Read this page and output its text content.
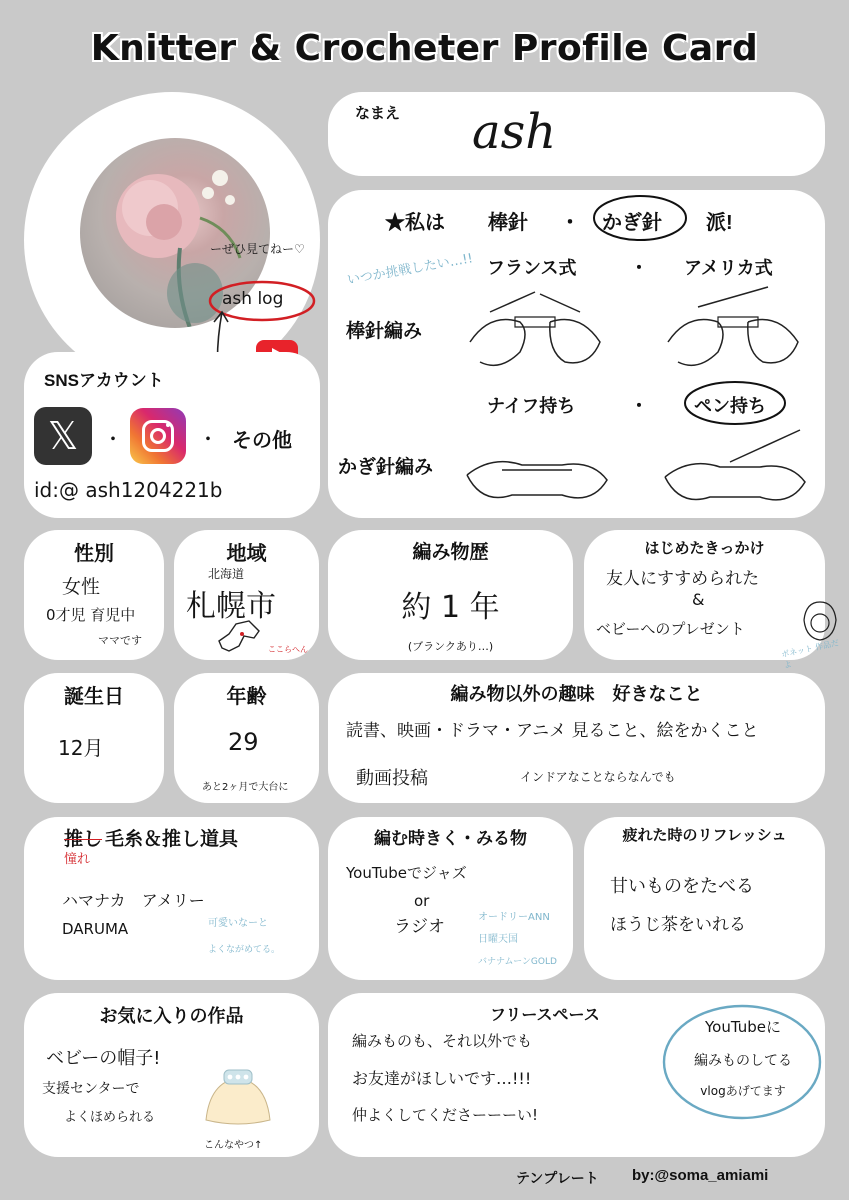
Knitter & Crocheter Profile Card
ーぜひ見てねー♡
ash log
なまえ ash
SNSアカウント
𝕏	・	・ その他
id:@ ash1204221b
★私は 棒針 ・ かぎ針 派!
いつか挑戦したい…!! フランス式	・ アメリカ式
棒針編み
ナイフ持ち	・	ペン持ち
かぎ針編み
性別
女性
0才児 育児中
ママです
地域
北海道
札幌市
ここらへん
編み物歴
約 1 年
(ブランクあり…)
はじめたきっかけ
友人にすすめられた
&
ベビーへのプレゼント
ボネット 作品だよ
誕生日
12月
年齢
29
あと2ヶ月で大台に
編み物以外の趣味　好きなこと
読書、映画・ドラマ・アニメ 見ること、絵をかくこと
動画投稿	インドアなことならなんでも
推し 毛糸＆推し道具
憧れ
ハマナカ　アメリー
DARUMA	可愛いなーと
よくながめてる。
編む時きく・みる物
YouTubeでジャズ
or
ラジオ	オードリーANN
日曜天国
バナナムーンGOLD
疲れた時のリフレッシュ
甘いものをたべる
ほうじ茶をいれる
お気に入りの作品
ベビーの帽子!
支援センターで
よくほめられる
こんなやつ↑
フリースペース
編みものも、それ以外でも
お友達がほしいです…!!!
仲よくしてくださーーーい!
YouTubeに
編みものしてる
vlogあげてます
テンプレート by:@soma_amiami
